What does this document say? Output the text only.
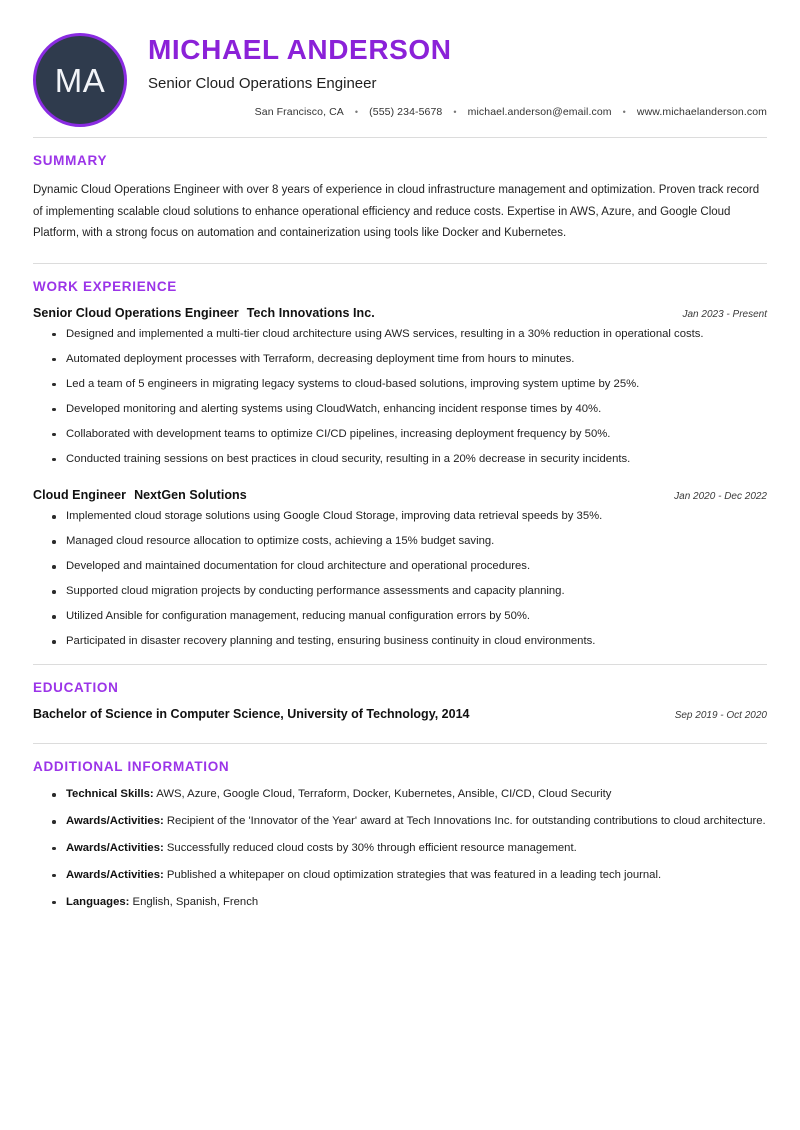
MA
MICHAEL ANDERSON
Senior Cloud Operations Engineer
San Francisco, CA • (555) 234-5678 • michael.anderson@email.com • www.michaelanderson.com
SUMMARY

Dynamic Cloud Operations Engineer with over 8 years of experience in cloud infrastructure management and optimization. Proven track record of implementing scalable cloud solutions to enhance operational efficiency and reduce costs. Expertise in AWS, Azure, and Google Cloud Platform, with a strong focus on automation and containerization using tools like Docker and Kubernetes.

WORK EXPERIENCE
Senior Cloud Operations Engineer Tech Innovations Inc.	Jan 2023 - Present
Designed and implemented a multi-tier cloud architecture using AWS services, resulting in a 30% reduction in operational costs.
Automated deployment processes with Terraform, decreasing deployment time from hours to minutes.
Led a team of 5 engineers in migrating legacy systems to cloud-based solutions, improving system uptime by 25%.
Developed monitoring and alerting systems using CloudWatch, enhancing incident response times by 40%.
Collaborated with development teams to optimize CI/CD pipelines, increasing deployment frequency by 50%.
Conducted training sessions on best practices in cloud security, resulting in a 20% decrease in security incidents.
Cloud Engineer NextGen Solutions	Jan 2020 - Dec 2022
Implemented cloud storage solutions using Google Cloud Storage, improving data retrieval speeds by 35%.
Managed cloud resource allocation to optimize costs, achieving a 15% budget saving.
Developed and maintained documentation for cloud architecture and operational procedures.
Supported cloud migration projects by conducting performance assessments and capacity planning.
Utilized Ansible for configuration management, reducing manual configuration errors by 50%.
Participated in disaster recovery planning and testing, ensuring business continuity in cloud environments.
EDUCATION
Bachelor of Science in Computer Science, University of Technology, 2014	Sep 2019 - Oct 2020
ADDITIONAL INFORMATION
Technical Skills: AWS, Azure, Google Cloud, Terraform, Docker, Kubernetes, Ansible, CI/CD, Cloud Security
Awards/Activities: Recipient of the 'Innovator of the Year' award at Tech Innovations Inc. for outstanding contributions to cloud architecture.
Awards/Activities: Successfully reduced cloud costs by 30% through efficient resource management.
Awards/Activities: Published a whitepaper on cloud optimization strategies that was featured in a leading tech journal.
Languages: English, Spanish, French
